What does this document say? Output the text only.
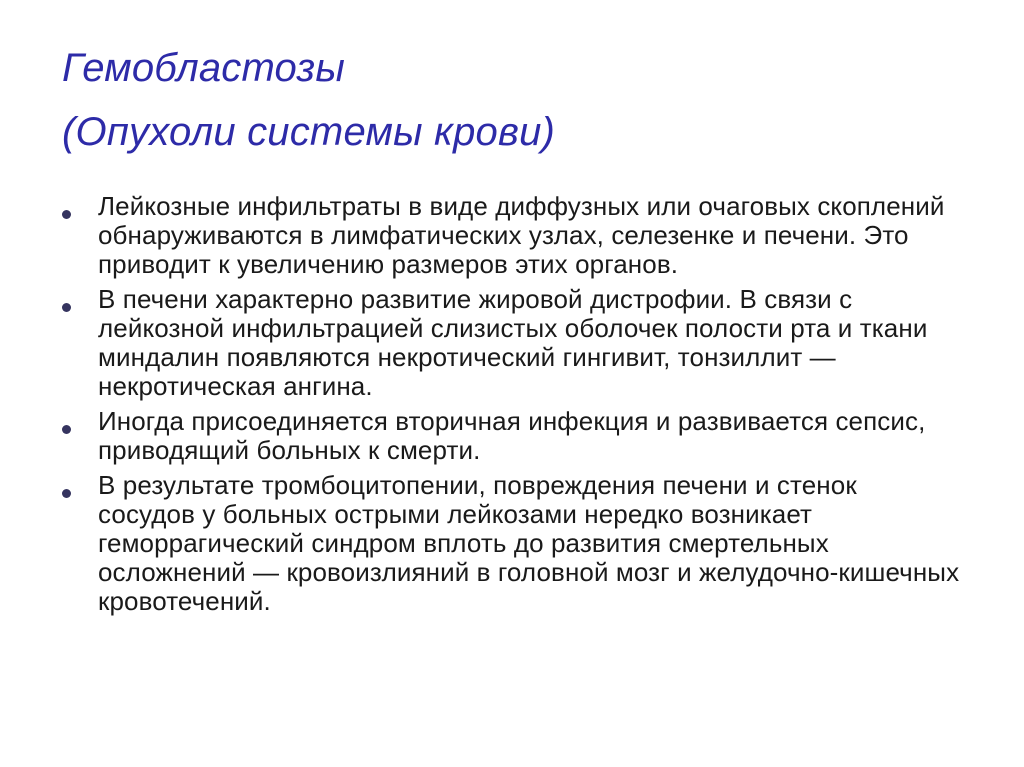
Гемобластозы
(Опухоли системы крови)
Лейкозные инфильтраты в виде диффузных или очаговых скоплений обнаруживаются в лимфатических узлах, селезенке и печени. Это приводит к увеличению размеров этих органов.
В печени характерно развитие жировой дистрофии. В связи с лейкозной инфильтрацией слизистых оболочек полости рта и ткани миндалин появляются некротический гингивит, тонзиллит — некротическая ангина.
Иногда присоединяется вторичная инфекция и развивается сепсис, приводящий больных к смерти.
В результате тромбоцитопении, повреждения печени и стенок сосудов у больных острыми лейкозами нередко возникает геморрагический синдром вплоть до развития смертельных осложнений — кровоизлияний в головной мозг и желудочно-кишечных кровотечений.
